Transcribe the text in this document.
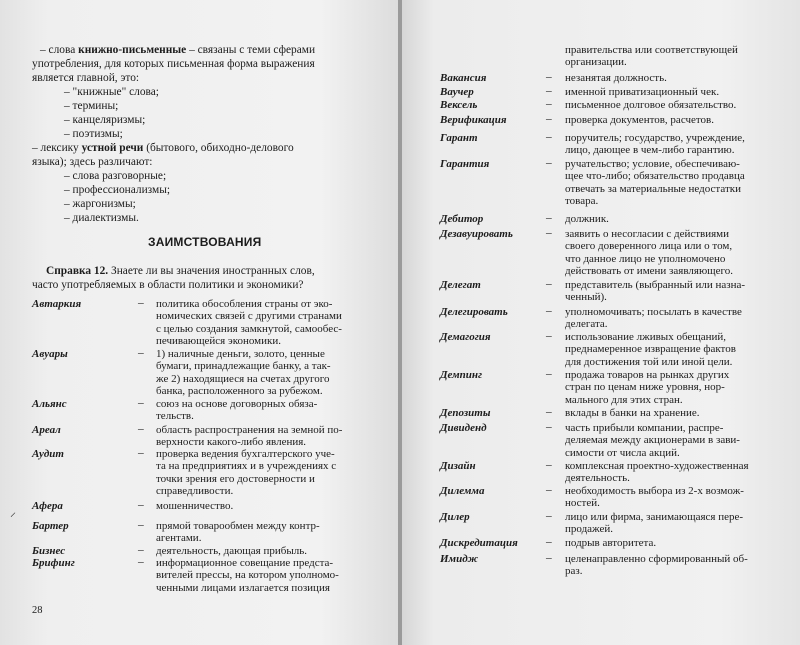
– слова книжно-письменные – связаны с теми сферами
употребления, для которых письменная форма выражения
является главной, это:
– "книжные" слова;
– термины;
– канцеляризмы;
– поэтизмы;
– лексику устной речи (бытового, обиходно-делового
языка); здесь различают:
– слова разговорные;
– профессионализмы;
– жаргонизмы;
– диалектизмы.
ЗАИМСТВОВАНИЯ
Справка 12. Знаете ли вы значения иностранных слов,
часто употребляемых в области политики и экономики?
Автаркия	– политика обособления страны от эко-
номических связей с другими странами
с целью создания замкнутой, самообес-
печивающейся экономики.
Авуары	– 1) наличные деньги, золото, ценные
бумаги, принадлежащие банку, а так-
же 2) находящиеся на счетах другого
банка, расположенного за рубежом.
Альянс	– союз на основе договорных обяза-
тельств.
Ареал	– область распространения на земной по-
верхности какого-либо явления.
Аудит	– проверка ведения бухгалтерского уче-
та на предприятиях и в учреждениях с
точки зрения его достоверности и
справедливости.
Афера	– мошенничество.
Бартер	– прямой товарообмен между контр-
агентами.
Бизнес	– деятельность, дающая прибыль.
Брифинг	– информационное совещание предста-
вителей прессы, на котором уполномо-
ченными лицами излагается позиция
28
⸝
правительства или соответствующей
организации.
Вакансия	– незанятая должность.
Ваучер	– именной приватизационный чек.
Вексель	– письменное долговое обязательство.
Верификация	– проверка документов, расчетов.
Гарант	– поручитель; государство, учреждение,
лицо, дающее в чем-либо гарантию.
Гарантия	– ручательство; условие, обеспечиваю-
щее что-либо; обязательство продавца
отвечать за материальные недостатки
товара.
Дебитор	– должник.
Дезавуировать	– заявить о несогласии с действиями
своего доверенного лица или о том,
что данное лицо не уполномочено
действовать от имени заявляющего.
Делегат	– представитель (выбранный или назна-
ченный).
Делегировать	– уполномочивать; посылать в качестве
делегата.
Демагогия	– использование лживых обещаний,
преднамеренное извращение фактов
для достижения той или иной цели.
Демпинг	– продажа товаров на рынках других
стран по ценам ниже уровня, нор-
мального для этих стран.
Депозиты	– вклады в банки на хранение.
Дивиденд	– часть прибыли компании, распре-
деляемая между акционерами в зави-
симости от числа акций.
Дизайн	– комплексная проектно-художественная
деятельность.
Дилемма	– необходимость выбора из 2-х возмож-
ностей.
Дилер	– лицо или фирма, занимающаяся пере-
продажей.
Дискредитация – подрыв авторитета.
Имидж	– целенаправленно сформированный об-
раз.
